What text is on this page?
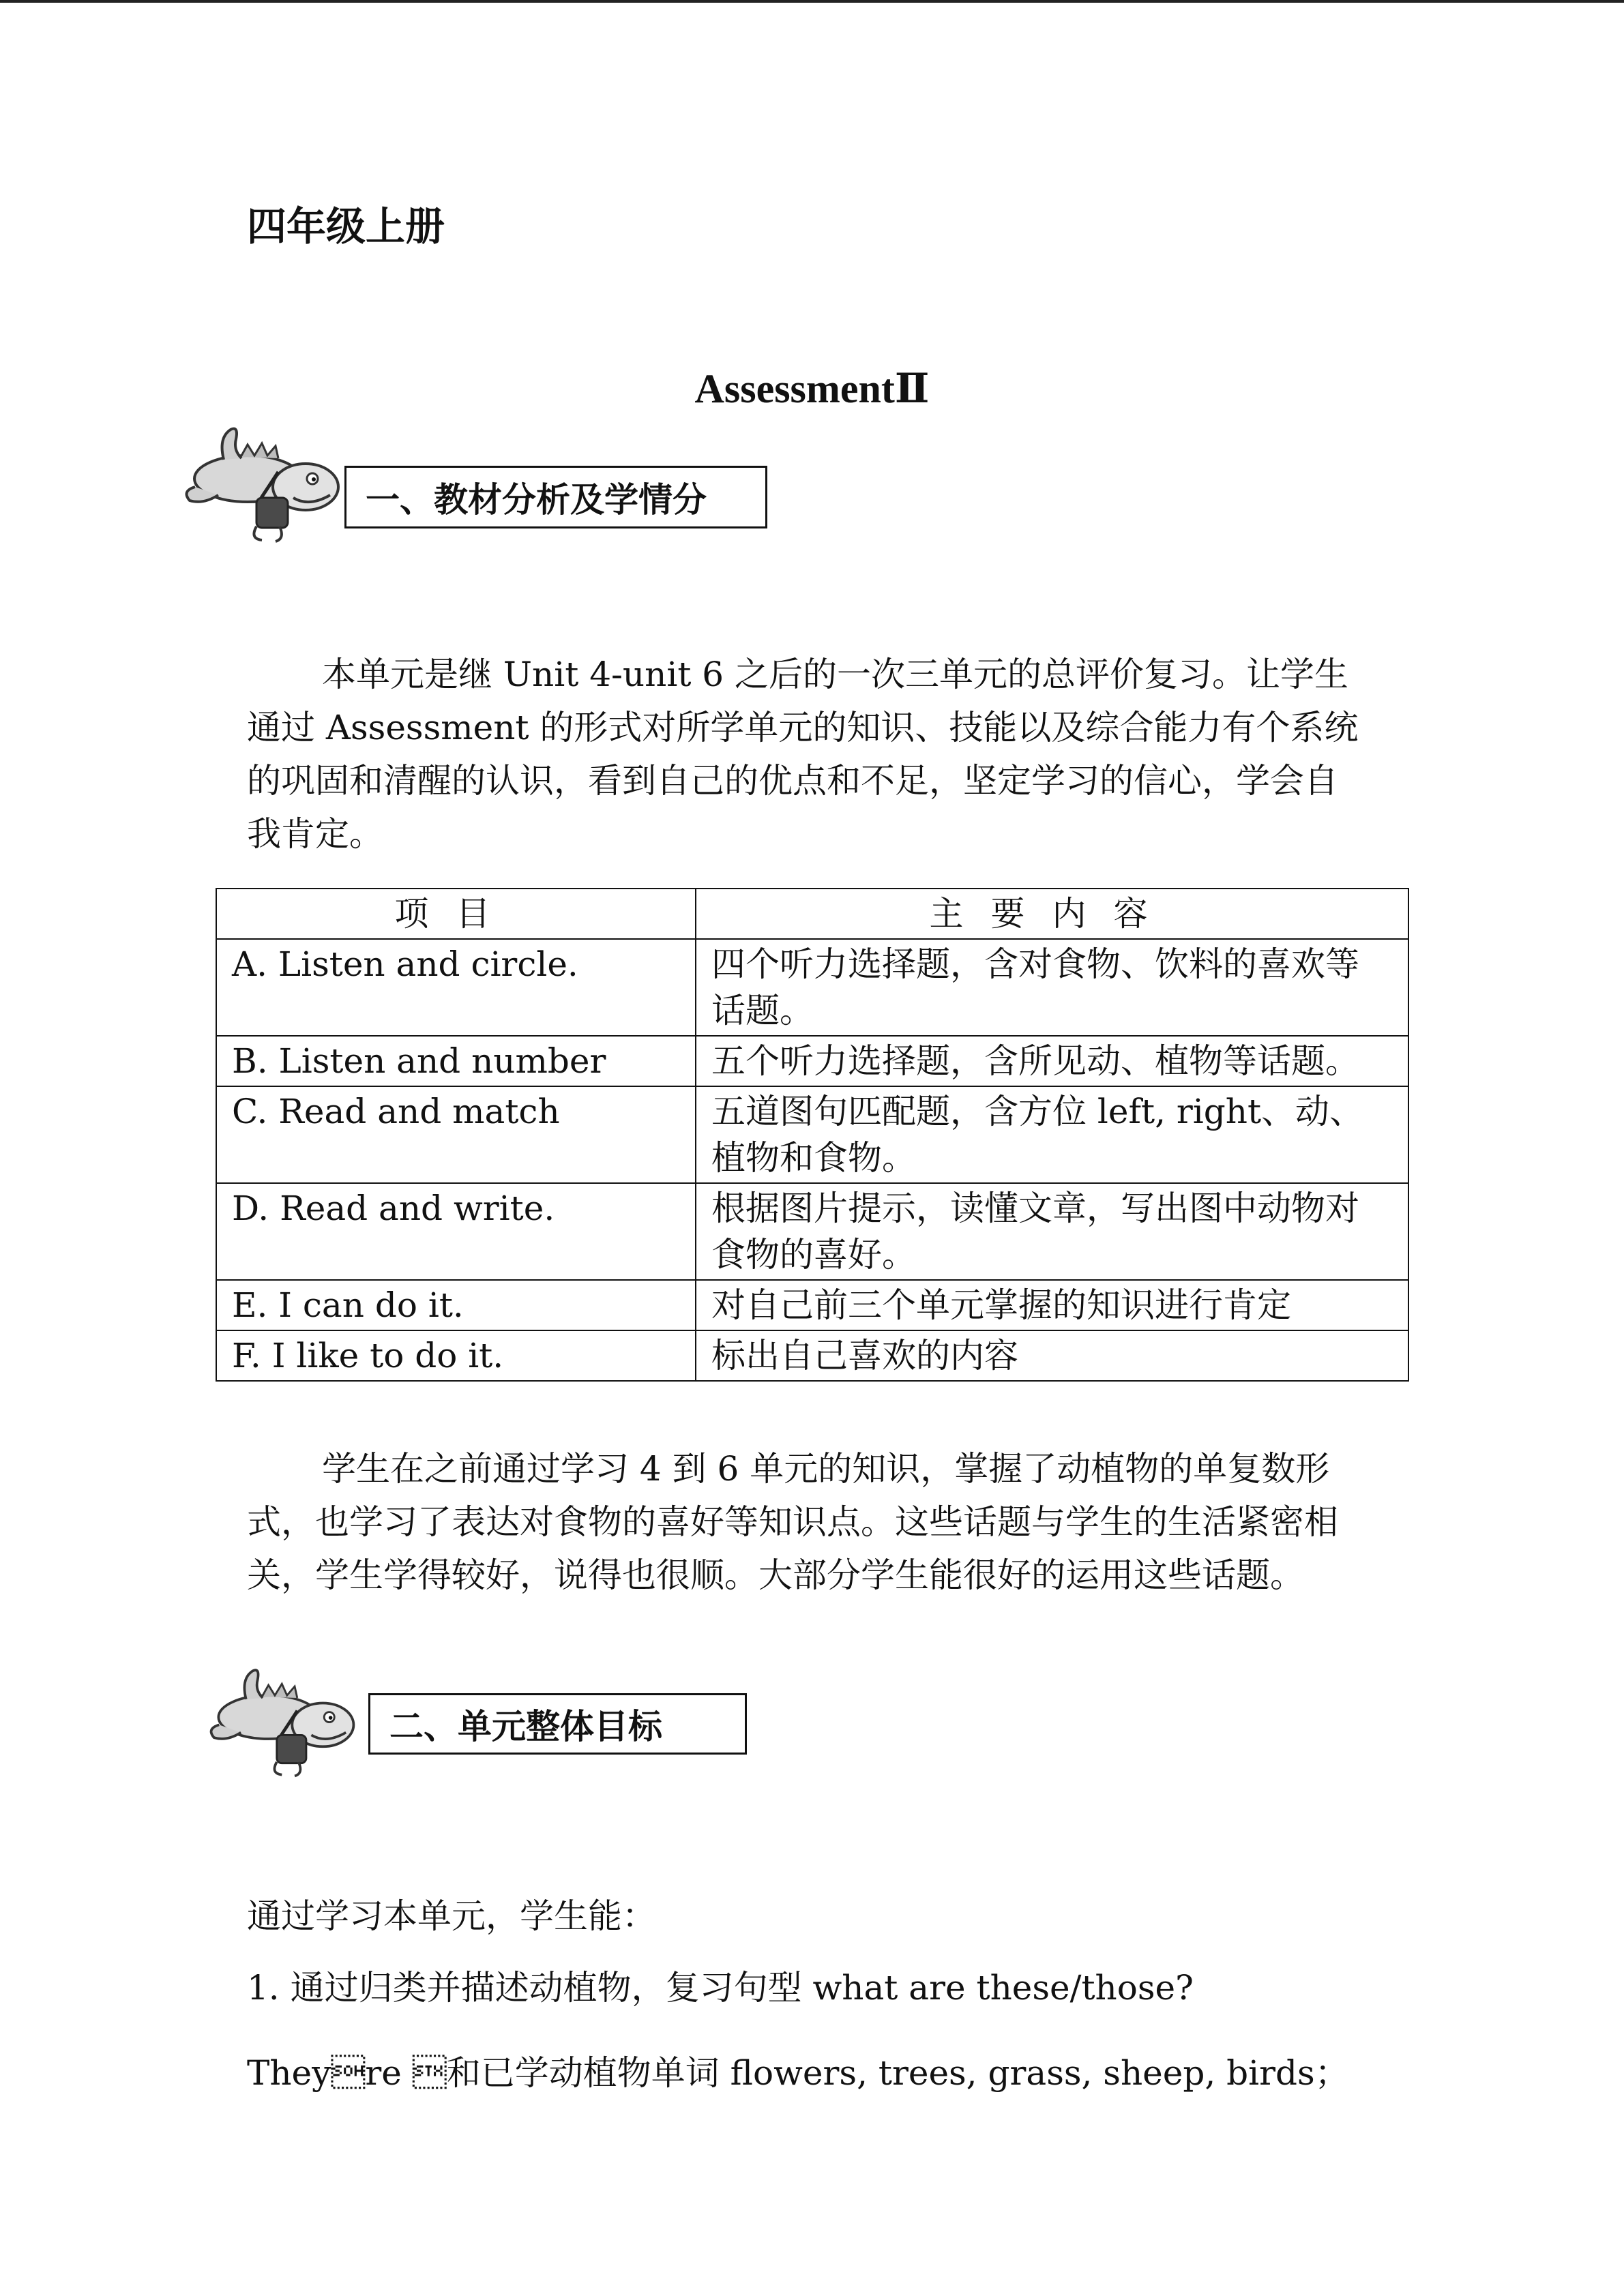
四年级上册
AssessmentⅡ
一、教材分析及学情分

本单元是继 Unit 4-unit 6 之后的一次三单元的总评价复习。让学生通过 Assessment 的形式对所学单元的知识、技能以及综合能力有个系统的巩固和清醒的认识，看到自己的优点和不足，坚定学习的信心，学会自我肯定。

项目	主要内容
A. Listen and circle.	四个听力选择题，含对食物、饮料的喜欢等话题。
B. Listen and number	五个听力选择题，含所见动、植物等话题。
C. Read and match	五道图句匹配题，含方位 left, right、动、植物和食物。
D. Read and write.	根据图片提示，读懂文章，写出图中动物对食物的喜好。
E. I can do it.	对自己前三个单元掌握的知识进行肯定
F. I like to do it.	标出自己喜欢的内容

学生在之前通过学习 4 到 6 单元的知识，掌握了动植物的单复数形式，也学习了表达对食物的喜好等知识点。这些话题与学生的生活紧密相关，学生学得较好，说得也很顺。大部分学生能很好的运用这些话题。

二、单元整体目标

通过学习本单元，学生能：

1. 通过归类并描述动植物，复习句型 what are these/those?

Theyre 和已学动植物单词 flowers, trees, grass, sheep, birds；
